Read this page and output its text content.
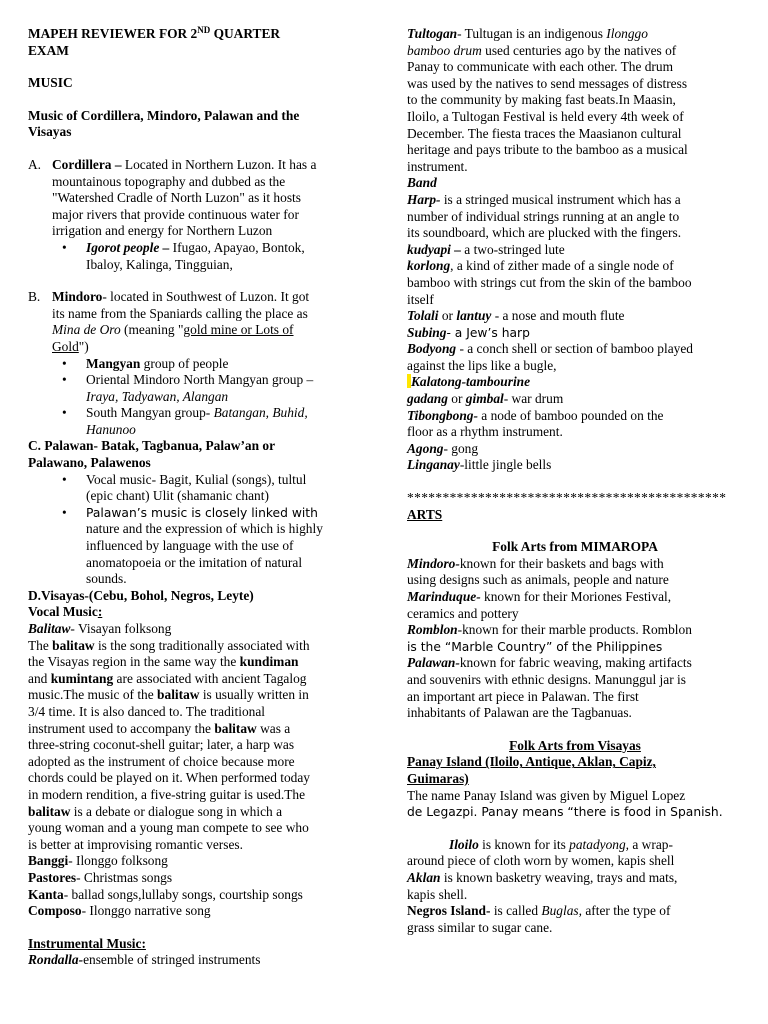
MAPEH REVIEWER FOR 2ND QUARTER

EXAM

MUSIC

Music of Cordillera, Mindoro, Palawan and the

Visayas

A. Cordillera – Located in Northern Luzon. It has a

mountainous topography and dubbed as the

"Watershed Cradle of North Luzon" as it hosts

major rivers that provide continuous water for

irrigation and energy for Northern Luzon

• Igorot people – Ifugao, Apayao, Bontok,
Ibaloy, Kalinga, Tingguian,
B. Mindoro- located in Southwest of Luzon. It got

its name from the Spaniards calling the place as

Mina de Oro (meaning "gold mine or Lots of

Gold")

• Mangyan group of people
• Oriental Mindoro North Mangyan group –
Iraya, Tadyawan, Alangan
• South Mangyan group- Batangan, Buhid,
Hanunoo

C. Palawan- Batak, Tagbanua, Palaw’an or

Palawano, Palawenos

• Vocal music- Bagit, Kulial (songs), tultul
(epic chant) Ulit (shamanic chant)
• Palawan’s music is closely linked with
nature and the expression of which is highly
influenced by language with the use of
anomatopoeia or the imitation of natural
sounds.

D.Visayas-(Cebu, Bohol, Negros, Leyte)

Vocal Music:

Balitaw- Visayan folksong

The balitaw is the song traditionally associated with

the Visayas region in the same way the kundiman

and kumintang are associated with ancient Tagalog

music.The music of the balitaw is usually written in

3/4 time. It is also danced to. The traditional

instrument used to accompany the balitaw was a

three-string coconut-shell guitar; later, a harp was

adopted as the instrument of choice because more

chords could be played on it. When performed today

in modern rendition, a five-string guitar is used.The

balitaw is a debate or dialogue song in which a

young woman and a young man compete to see who

is better at improvising romantic verses.

Banggi- Ilonggo folksong

Pastores- Christmas songs

Kanta- ballad songs,lullaby songs, courtship songs

Composo- Ilonggo narrative song

Instrumental Music:

Rondalla-ensemble of stringed instruments

Tultogan- Tultugan is an indigenous Ilonggo

bamboo drum used centuries ago by the natives of

Panay to communicate with each other. The drum

was used by the natives to send messages of distress

to the community by making fast beats.In Maasin,

Iloilo, a Tultogan Festival is held every 4th week of

December. The fiesta traces the Maasianon cultural

heritage and pays tribute to the bamboo as a musical

instrument.

Band

Harp- is a stringed musical instrument which has a

number of individual strings running at an angle to

its soundboard, which are plucked with the fingers.

kudyapi – a two-stringed lute

korlong, a kind of zither made of a single node of

bamboo with strings cut from the skin of the bamboo

itself

Tolali or lantuy - a nose and mouth flute

Subing- a Jew’s harp

Bodyong - a conch shell or section of bamboo played

against the lips like a bugle,

Kalatong-tambourine

gadang or gimbal- war drum

Tibongbong- a node of bamboo pounded on the

floor as a rhythm instrument.

Agong- gong

Linganay-little jingle bells

*********************************************

ARTS

Folk Arts from MIMAROPA

Mindoro-known for their baskets and bags with

using designs such as animals, people and nature

Marinduque- known for their Moriones Festival,

ceramics and pottery

Romblon-known for their marble products. Romblon

is the “Marble Country” of the Philippines

Palawan-known for fabric weaving, making artifacts

and souvenirs with ethnic designs. Manunggul jar is

an important art piece in Palawan. The first

inhabitants of Palawan are the Tagbanuas.

Folk Arts from Visayas

Panay Island (Iloilo, Antique, Aklan, Capiz,

Guimaras)

The name Panay Island was given by Miguel Lopez

de Legazpi. Panay means “there is food in Spanish.

Iloilo is known for its patadyong, a wrap-

around piece of cloth worn by women, kapis shell

Aklan is known basketry weaving, trays and mats,

kapis shell.

Negros Island- is called Buglas, after the type of

grass similar to sugar cane.
